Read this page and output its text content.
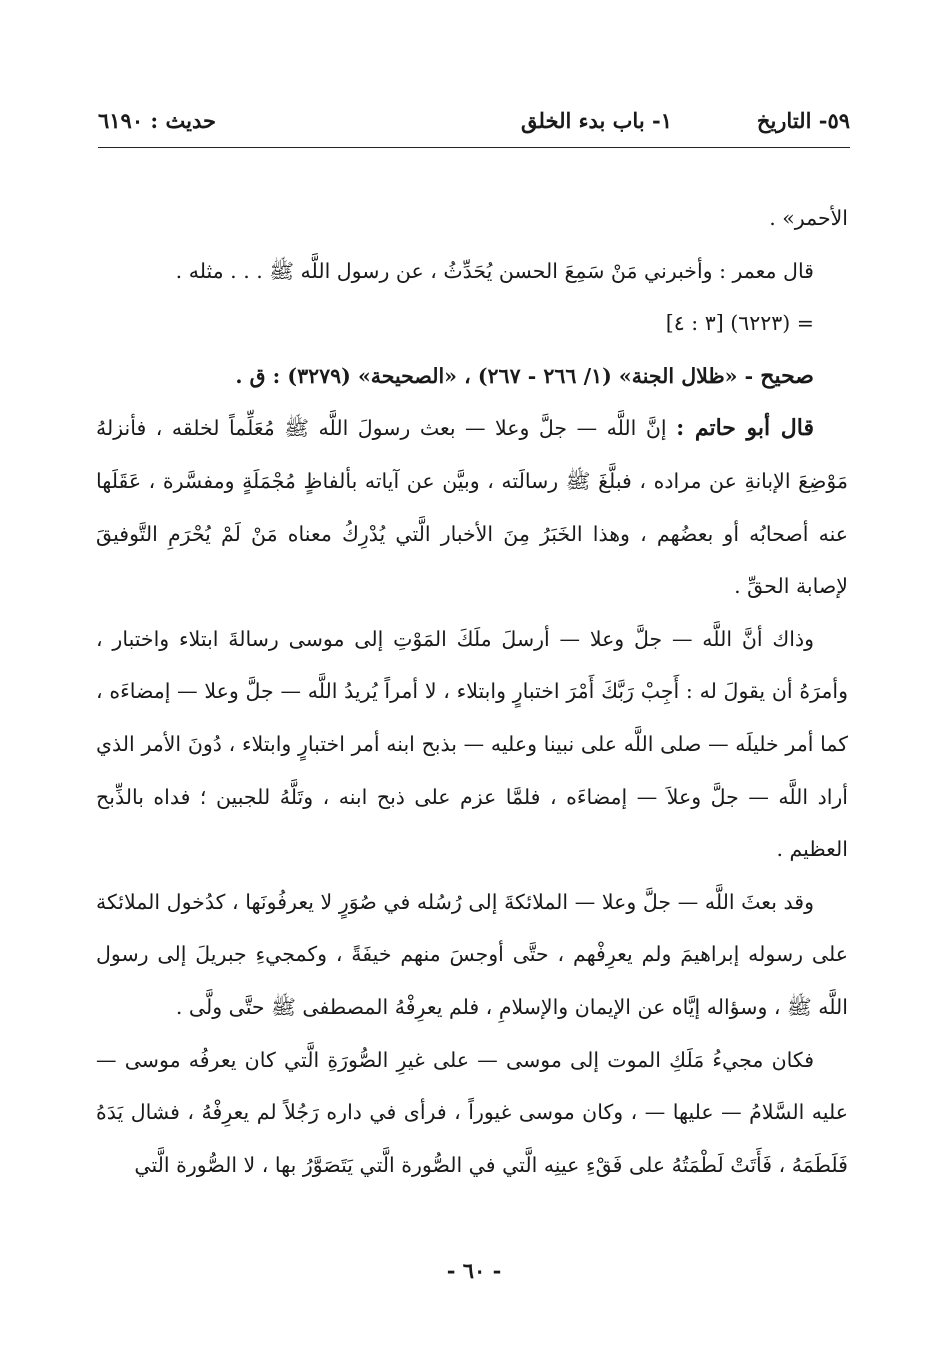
٥٩- التاريخ
١- باب بدء الخلق
حديث : ٦١٩٠

الأحمر» .

قال معمر : وأخبرني مَنْ سَمِعَ الحسن يُحَدِّثُ ، عن رسول اللَّه ﷺ . . . مثله .

= (٦٢٢٣) [٣ : ٤]

صحيح - «ظلال الجنة» (١/ ٢٦٦ - ٢٦٧) ، «الصحيحة» (٣٢٧٩) : ق .

قال أبو حاتم : إنَّ اللَّه — جلَّ وعلا — بعث رسولَ اللَّه ﷺ مُعَلِّماً لخلقه ، فأنزلهُ مَوْضِعَ الإبانةِ عن مراده ، فبلَّغَ ﷺ رسالَته ، وبيَّن عن آياته بألفاظٍ مُجْمَلَةٍ ومفسَّرة ، عَقَلَها عنه أصحابُه أو بعضُهم ، وهذا الخَبَرُ مِنَ الأخبار الَّتي يُدْرِكُ معناه مَنْ لَمْ يُحْرَمِ التَّوفيقَ لإصابة الحقِّ .

وذاك أنَّ اللَّه — جلَّ وعلا — أرسلَ ملَكَ المَوْتِ إلى موسى رسالةَ ابتلاء واختبار ، وأمرَهُ أن يقولَ له : أَجِبْ رَبَّكَ أَمْرَ اختبارٍ وابتلاء ، لا أمراً يُريدُ اللَّه — جلَّ وعلا — إمضاءَه ، كما أمر خليلَه — صلى اللَّه على نبينا وعليه — بذبح ابنه أمر اختبارٍ وابتلاء ، دُونَ الأمر الذي أراد اللَّه — جلَّ وعلاَ — إمضاءَه ، فلمَّا عزم على ذبح ابنه ، وتَلَّهُ للجبين ؛ فداه بالذِّبح العظيم .

وقد بعثَ اللَّه — جلَّ وعلا — الملائكةَ إلى رُسُله في صُوَرٍ لا يعرفُونَها ، كدُخول الملائكة على رسوله إبراهيمَ ولم يعرِفْهم ، حتَّى أوجسَ منهم خيفَةً ، وكمجيءِ جبريلَ إلى رسول اللَّه ﷺ ، وسؤاله إيَّاه عن الإيمان والإسلامِ ، فلم يعرِفْهُ المصطفى ﷺ حتَّى ولَّى .

فكان مجيءُ مَلَكِ الموت إلى موسى — على غيرِ الصُّورَةِ الَّتي كان يعرفُه موسى — عليه السَّلامُ — عليها — ، وكان موسى غيوراً ، فرأى في داره رَجُلاً لم يعرِفْهُ ، فشال يَدَهُ فَلَطَمَهُ ، فَأَتَتْ لَطْمَتُهُ على فَقْءِ عينِه الَّتي في الصُّورة الَّتي يَتَصَوَّرُ بها ، لا الصُّورة الَّتي

- ٦٠ -
